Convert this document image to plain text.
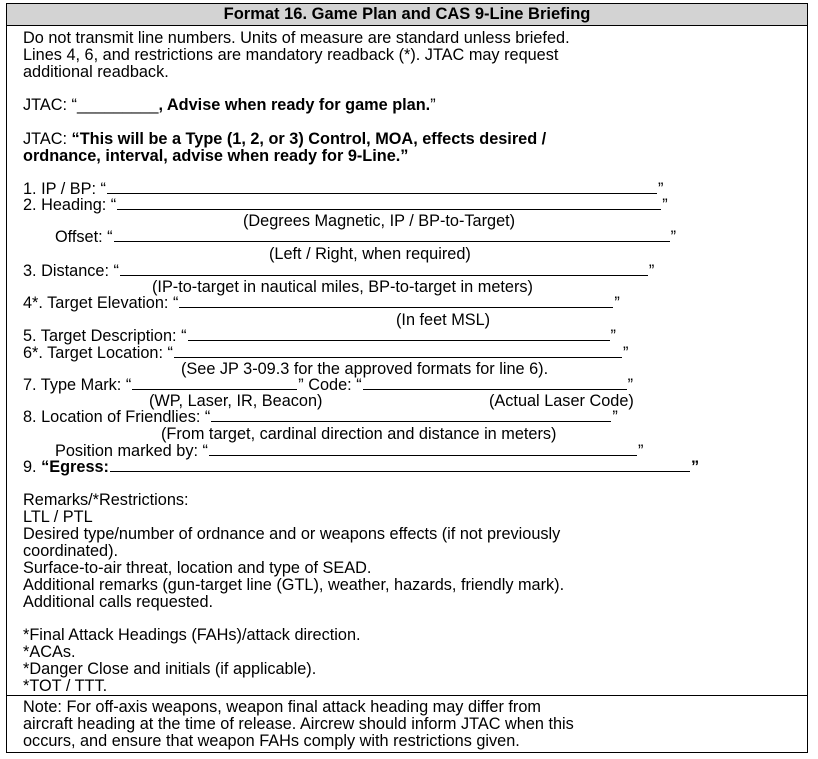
Format 16. Game Plan and CAS 9-Line Briefing
Do not transmit line numbers. Units of measure are standard unless briefed.
Lines 4, 6, and restrictions are mandatory readback (*). JTAC may request
additional readback.
JTAC: “_________, Advise when ready for game plan.”
JTAC: “This will be a Type (1, 2, or 3) Control, MOA, effects desired /
ordnance, interval, advise when ready for 9-Line.”
1. IP / BP: “	”
2. Heading: “	”
(Degrees Magnetic, IP / BP-to-Target)
Offset: “	”
(Left / Right, when required)
3. Distance: “	”
(IP-to-target in nautical miles, BP-to-target in meters)
4*. Target Elevation: “	”
(In feet MSL)
5. Target Description: “	”
6*. Target Location: “	”
(See JP 3-09.3 for the approved formats for line 6).
7. Type Mark: “	” Code: “	”
(WP, Laser, IR, Beacon)	(Actual Laser Code)
8. Location of Friendlies: “	”
(From target, cardinal direction and distance in meters)
Position marked by: “	”
9. “Egress:	”
Remarks/*Restrictions:
LTL / PTL
Desired type/number of ordnance and or weapons effects (if not previously
coordinated).
Surface-to-air threat, location and type of SEAD.
Additional remarks (gun-target line (GTL), weather, hazards, friendly mark).
Additional calls requested.
*Final Attack Headings (FAHs)/attack direction.
*ACAs.
*Danger Close and initials (if applicable).
*TOT / TTT.
Note: For off-axis weapons, weapon final attack heading may differ from
aircraft heading at the time of release. Aircrew should inform JTAC when this
occurs, and ensure that weapon FAHs comply with restrictions given.
